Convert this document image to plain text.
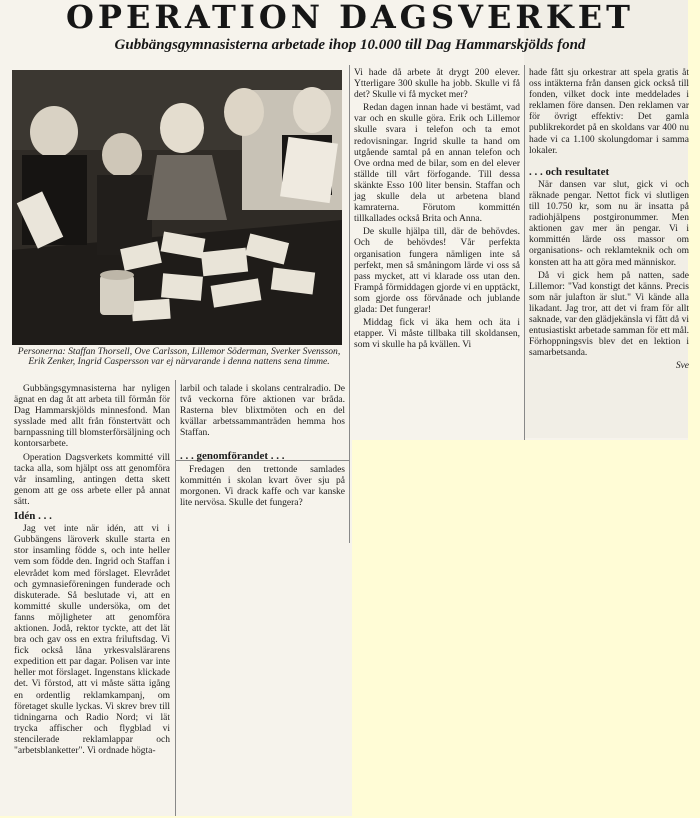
OPERATION DAGSVERKET
Gubbängsgymnasisterna arbetade ihop 10.000 till Dag Hammarskjölds fond
Personerna: Staffan Thorsell, Ove Carlsson, Lillemor Söderman, Sverker Svensson, Erik Zenker, Ingrid Caspersson var ej närvarande i denna nattens sena timme.

Gubbängsgymnasisterna har nyligen ägnat en dag åt att arbeta till förmån för Dag Hammarskjölds minnesfond. Man sysslade med allt från fönstertvätt och barnpassning till blomsterförsäljning och kontorsarbete.

Operation Dagsverkets kommitté vill tacka alla, som hjälpt oss att genomföra vår insamling, antingen detta skett genom att ge oss arbete eller på annat sätt.

Idén . . .

Jag vet inte när idén, att vi i Gubbängens läroverk skulle starta en stor insamling födde s, och inte heller vem som födde den. Ingrid och Staffan i elevrådet kom med förslaget. Elevrådet och gymnasieföreningen funderade och diskuterade. Så beslutade vi, att en kommitté skulle undersöka, om det fanns möjligheter att genomföra aktionen. Jodå, rektor tyckte, att det lät bra och gav oss en extra friluftsdag. Vi fick också låna yrkesvalslärarens expedition ett par dagar. Polisen var inte heller mot förslaget. Ingenstans klickade det. Vi förstod, att vi måste sätta igång en ordentlig reklamkampanj, om företaget skulle lyckas. Vi skrev brev till tidningarna och Radio Nord; vi lät trycka affischer och flygblad vi stencilerade reklamlappar och "arbetsblanketter". Vi ordnade högta-

larbil och talade i skolans centralradio. De två veckorna före aktionen var bråda. Rasterna blev blixtmöten och en del kvällar arbetssammanträden hemma hos Staffan.

. . . genomförandet . . .

Fredagen den trettonde samlades kommittén i skolan kvart över sju på morgonen. Vi drack kaffe och var kanske lite nervösa. Skulle det fungera?

Vi hade då arbete åt drygt 200 elever. Ytterligare 300 skulle ha jobb. Skulle vi få det? Skulle vi få mycket mer?

Redan dagen innan hade vi bestämt, vad var och en skulle göra. Erik och Lillemor skulle svara i telefon och ta emot redovisningar. Ingrid skulle ta hand om utgående samtal på en annan telefon och Ove ordna med de bilar, som en del elever ställde till vårt förfogande. Till dessa skänkte Esso 100 liter bensin. Staffan och jag skulle dela ut arbetena bland kamraterna. Förutom kommittén tillkallades också Brita och Anna.

De skulle hjälpa till, där de behövdes. Och de behövdes! Vår perfekta organisation fungera nämligen inte så perfekt, men så småningom lärde vi oss så pass mycket, att vi klarade oss utan den. Frampå förmiddagen gjorde vi en upptäckt, som gjorde oss förvånade och jublande glada: Det fungerar!

Middag fick vi äka hem och äta i etapper. Vi måste tillbaka till skoldansen, som vi skulle ha på kvällen. Vi

hade fått sju orkestrar att spela gratis åt oss intäkterna från dansen gick också till fonden, vilket dock inte meddelades i reklamen före dansen. Den reklamen var för övrigt effektiv: Det gamla publikrekordet på en skoldans var 400 nu hade vi ca 1.100 skolungdomar i samma lokaler.

. . . och resultatet

När dansen var slut, gick vi och räknade pengar. Nettot fick vi slutligen till 10.750 kr, som nu är insatta på radiohjälpens postgironummer. Men aktionen gav mer än pengar. Vi i kommittén lärde oss massor om organisations- och reklamteknik och om konsten att ha att göra med människor.

Då vi gick hem på natten, sade Lillemor: "Vad konstigt det känns. Precis som när julafton är slut." Vi kände alla likadant. Jag tror, att det vi fram för allt saknade, var den glädjekänsla vi fått då vi entusiastiskt arbetade samman för ett mål. Förhoppningsvis blev det en lektion i samarbetsanda.

Sve
